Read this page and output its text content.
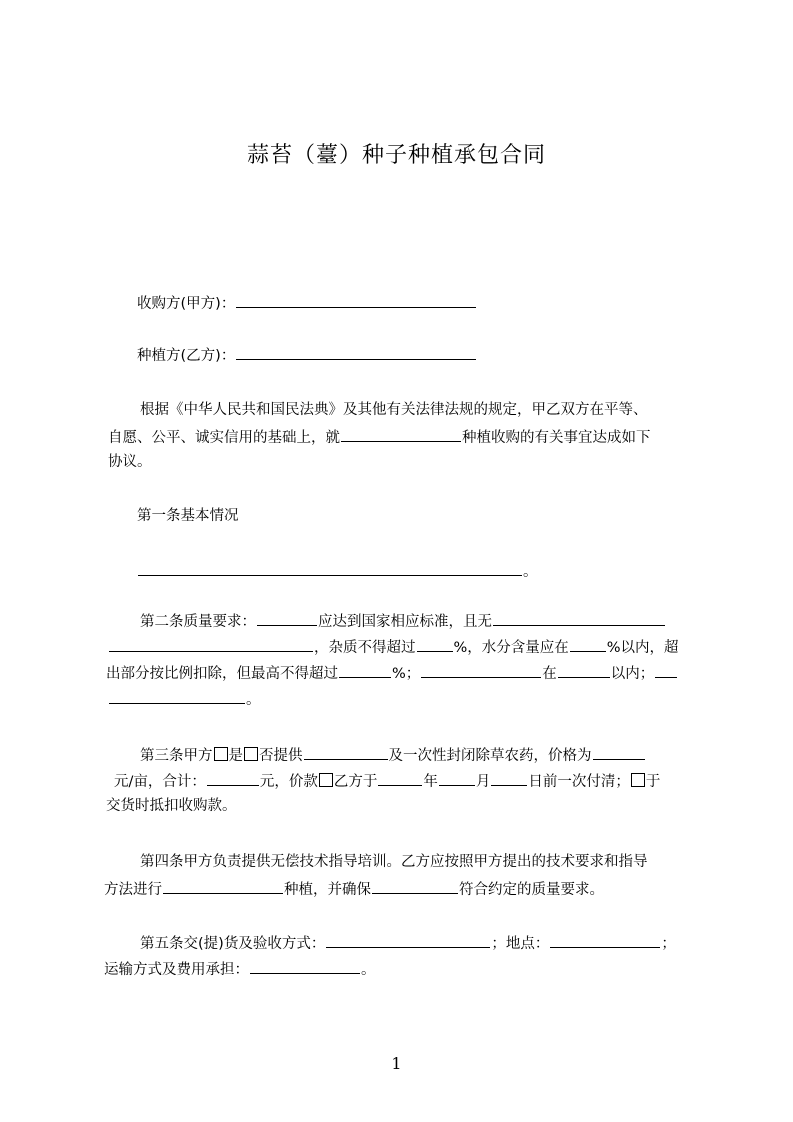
蒜苔（薹）种子种植承包合同
收购方(甲方)：
种植方(乙方)：
根据《中华人民共和国民法典》及其他有关法律法规的规定，甲乙双方在平等、
自愿、公平、诚实信用的基础上，就	种植收购的有关事宜达成如下
协议。
第一条基本情况
。
第二条质量要求：	应达到国家相应标准，且无
，杂质不得超过	%，水分含量应在	%以内，超
出部分按比例扣除，但最高不得超过	%；	在	以内；
。
第三条甲方 是 否提供	及一次性封闭除草农药，价格为
元/亩，合计：	元，价款 乙方于	年	月	日前一次付清； 于
交货时抵扣收购款。
第四条甲方负责提供无偿技术指导培训。乙方应按照甲方提出的技术要求和指导
方法进行	种植，并确保	符合约定的质量要求。
第五条交(提)货及验收方式：	；地点：	；
运输方式及费用承担：	。
1
